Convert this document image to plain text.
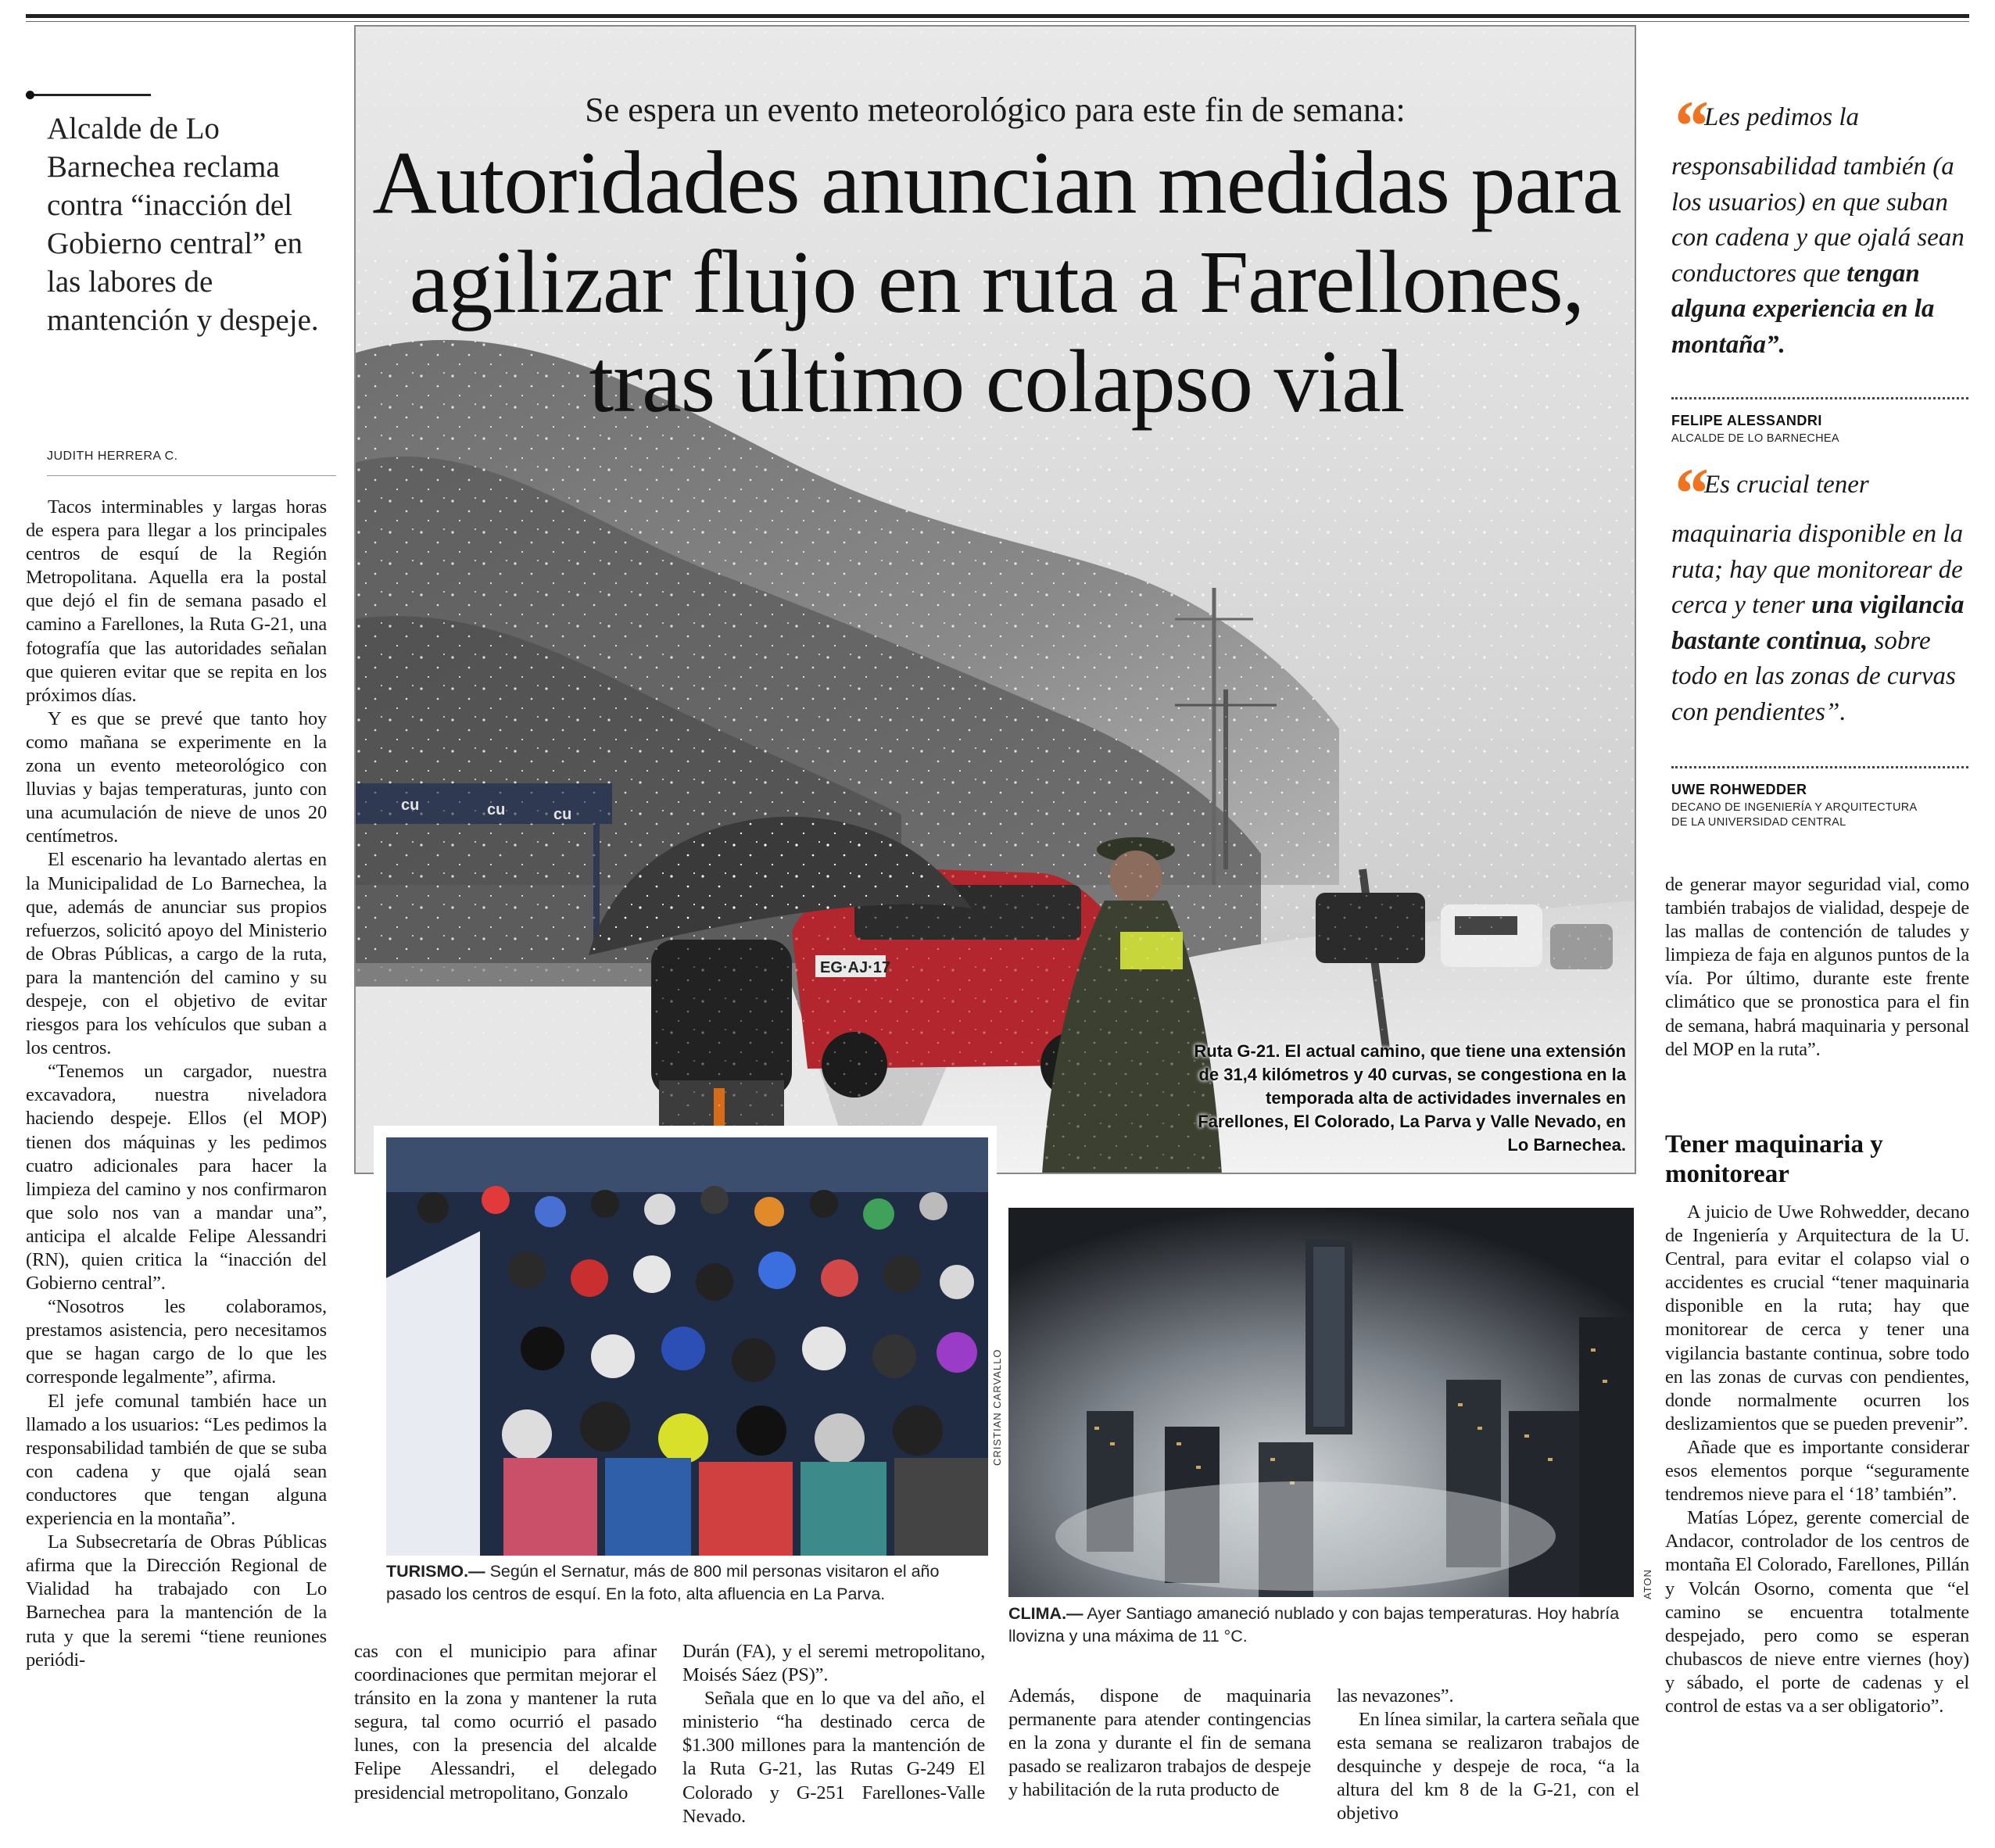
Alcalde de Lo Barnechea reclama contra “inacción del Gobierno central” en las labores de mantención y despeje.
JUDITH HERRERA C.

Tacos interminables y largas horas de espera para llegar a los principales centros de esquí de la Región Metropolitana. Aquella era la postal que dejó el fin de semana pasado el camino a Farellones, la Ruta G-21, una fotografía que las autoridades señalan que quieren evitar que se repita en los próximos días.

Y es que se prevé que tanto hoy como mañana se experimente en la zona un evento meteorológico con lluvias y bajas temperaturas, junto con una acumulación de nieve de unos 20 centímetros.

El escenario ha levantado alertas en la Municipalidad de Lo Barnechea, la que, además de anunciar sus propios refuerzos, solicitó apoyo del Ministerio de Obras Públicas, a cargo de la ruta, para la mantención del camino y su despeje, con el objetivo de evitar riesgos para los vehículos que suban a los centros.

“Tenemos un cargador, nuestra excavadora, nuestra niveladora haciendo despeje. Ellos (el MOP) tienen dos máquinas y les pedimos cuatro adicionales para hacer la limpieza del camino y nos confirmaron que solo nos van a mandar una”, anticipa el alcalde Felipe Alessandri (RN), quien critica la “inacción del Gobierno central”.

“Nosotros les colaboramos, prestamos asistencia, pero necesitamos que se hagan cargo de lo que les corresponde legalmente”, afirma.

El jefe comunal también hace un llamado a los usuarios: “Les pedimos la responsabilidad también de que se suba con cadena y que ojalá sean conductores que tengan alguna experiencia en la montaña”.

La Subsecretaría de Obras Públicas afirma que la Dirección Regional de Vialidad ha trabajado con Lo Barnechea para la mantención de la ruta y que la seremi “tiene reuniones periódi-

cu	cu	cu
EG·AJ·17
Se espera un evento meteorológico para este fin de semana:
Autoridades anuncian medidas para agilizar flujo en ruta a Farellones, tras último colapso vial
Ruta G-21. El actual camino, que tiene una extensión de 31,4 kilómetros y 40 curvas, se congestiona en la temporada alta de actividades invernales en Farellones, El Colorado, La Parva y Valle Nevado, en Lo Barnechea.
CRISTIAN CARVALLO
TURISMO.— Según el Sernatur, más de 800 mil personas visitaron el año pasado los centros de esquí. En la foto, alta afluencia en La Parva.	ATON
CLIMA.— Ayer Santiago amaneció nublado y con bajas temperaturas. Hoy habría llovizna y una máxima de 11 °C.

cas con el municipio para afinar coordinaciones que permitan mejorar el tránsito en la zona y mantener la ruta segura, tal como ocurrió el pasado lunes, con la presencia del alcalde Felipe Alessandri, el delegado presidencial metropolitano, Gonzalo

Durán (FA), y el seremi metropolitano, Moisés Sáez (PS)”.

Señala que en lo que va del año, el ministerio “ha destinado cerca de $1.300 millones para la mantención de la Ruta G-21, las Rutas G-249 El Colorado y G-251 Farellones-Valle Nevado.

Además, dispone de maquinaria permanente para atender contingencias en la zona y durante el fin de semana pasado se realizaron trabajos de despeje y habilitación de la ruta producto de

las nevazones”.

En línea similar, la cartera señala que esta semana se realizaron trabajos de desquinche y despeje de roca, “a la altura del km 8 de la G-21, con el objetivo

“ Les pedimos la responsabilidad también (a los usuarios) en que suban con cadena y que ojalá sean conductores que tengan alguna experiencia en la montaña”.
FELIPE ALESSANDRI
ALCALDE DE LO BARNECHEA
“ Es crucial tener maquinaria disponible en la ruta; hay que monitorear de cerca y tener una vigilancia bastante continua, sobre todo en las zonas de curvas con pendientes”.
UWE ROHWEDDER
DECANO DE INGENIERÍA Y ARQUITECTURA
DE LA UNIVERSIDAD CENTRAL

de generar mayor seguridad vial, como también trabajos de vialidad, despeje de las mallas de contención de taludes y limpieza de faja en algunos puntos de la vía. Por último, durante este frente climático que se pronostica para el fin de semana, habrá maquinaria y personal del MOP en la ruta”.

Tener maquinaria y monitorear

A juicio de Uwe Rohwedder, decano de Ingeniería y Arquitectura de la U. Central, para evitar el colapso vial o accidentes es crucial “tener maquinaria disponible en la ruta; hay que monitorear de cerca y tener una vigilancia bastante continua, sobre todo en las zonas de curvas con pendientes, donde normalmente ocurren los deslizamientos que se pueden prevenir”.

Añade que es importante considerar esos elementos porque “seguramente tendremos nieve para el ‘18’ también”.

Matías López, gerente comercial de Andacor, controlador de los centros de montaña El Colorado, Farellones, Pillán y Volcán Osorno, comenta que “el camino se encuentra totalmente despejado, pero como se esperan chubascos de nieve entre viernes (hoy) y sábado, el porte de cadenas y el control de estas va a ser obligatorio”.
